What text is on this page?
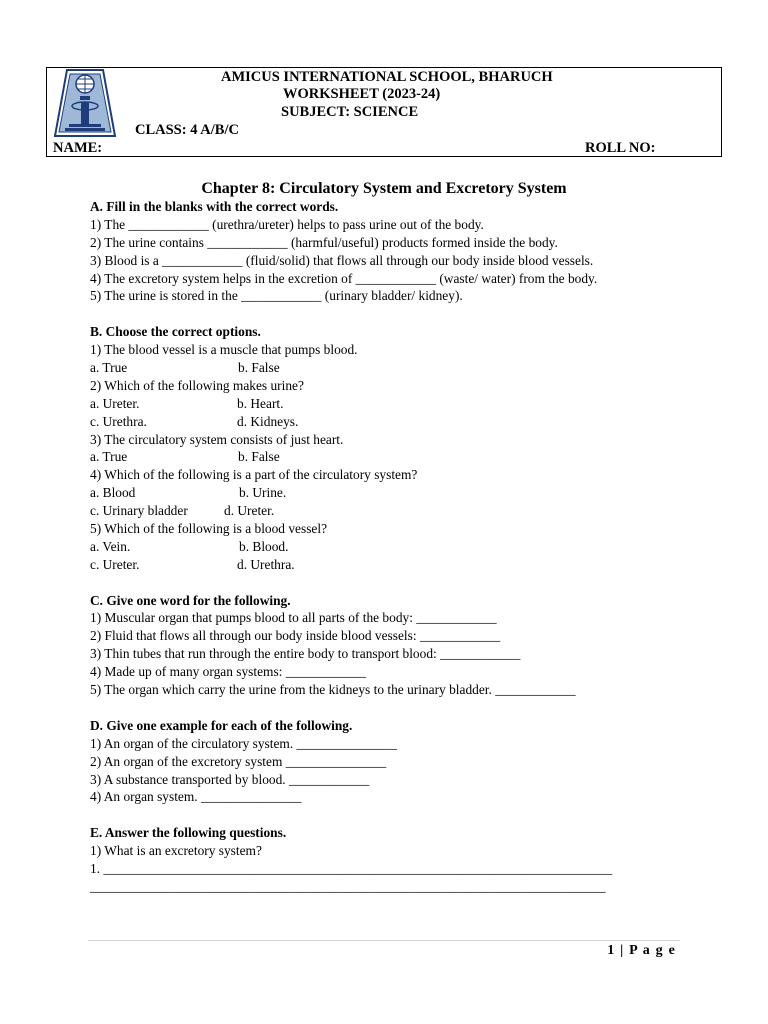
AMICUS INTERNATIONAL SCHOOL, BHARUCH
WORKSHEET (2023-24)
SUBJECT: SCIENCE
CLASS: 4 A/B/C
NAME:	ROLL NO:
Chapter 8: Circulatory System and Excretory System
A. Fill in the blanks with the correct words.
1) The ____________ (urethra/ureter) helps to pass urine out of the body.
2) The urine contains ____________ (harmful/useful) products formed inside the body.
3) Blood is a ____________ (fluid/solid) that flows all through our body inside blood vessels.
4) The excretory system helps in the excretion of ____________ (waste/ water) from the body.
5) The urine is stored in the ____________ (urinary bladder/ kidney).
B. Choose the correct options.
1) The blood vessel is a muscle that pumps blood.
a. True	b. False
2) Which of the following makes urine?
a. Ureter.	b. Heart.
c. Urethra.	d. Kidneys.
3) The circulatory system consists of just heart.
a. True	b. False
4) Which of the following is a part of the circulatory system?
a. Blood	b. Urine.
c. Urinary bladder	d. Ureter.
5) Which of the following is a blood vessel?
a. Vein.	b. Blood.
c. Ureter.	d. Urethra.
C. Give one word for the following.
1) Muscular organ that pumps blood to all parts of the body: ____________
2) Fluid that flows all through our body inside blood vessels: ____________
3) Thin tubes that run through the entire body to transport blood: ____________
4) Made up of many organ systems: ____________
5) The organ which carry the urine from the kidneys to the urinary bladder. ____________
D. Give one example for each of the following.
1) An organ of the circulatory system. _______________
2) An organ of the excretory system _______________
3) A substance transported by blood. ____________
4) An organ system. _______________
E. Answer the following questions.
1) What is an excretory system?
1. ____________________________________________________________________________
_____________________________________________________________________________
1 | P a g e
